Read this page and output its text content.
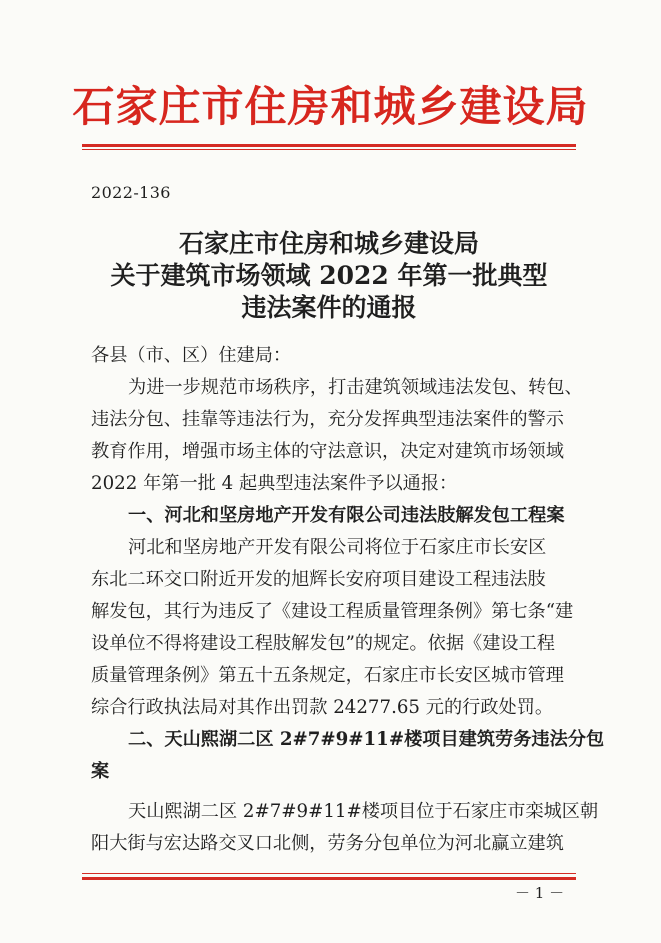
石家庄市住房和城乡建设局
2022-136
石家庄市住房和城乡建设局
关于建筑市场领域 2022 年第一批典型
违法案件的通报
各县（市、区）住建局：
为进一步规范市场秩序，打击建筑领域违法发包、转包、
违法分包、挂靠等违法行为，充分发挥典型违法案件的警示
教育作用，增强市场主体的守法意识，决定对建筑市场领域
2022 年第一批 4 起典型违法案件予以通报：
一、河北和坚房地产开发有限公司违法肢解发包工程案
河北和坚房地产开发有限公司将位于石家庄市长安区
东北二环交口附近开发的旭辉长安府项目建设工程违法肢
解发包，其行为违反了《建设工程质量管理条例》第七条“建
设单位不得将建设工程肢解发包”的规定。依据《建设工程
质量管理条例》第五十五条规定，石家庄市长安区城市管理
综合行政执法局对其作出罚款 24277.65 元的行政处罚。
二、天山熙湖二区 2#7#9#11#楼项目建筑劳务违法分包
案
天山熙湖二区 2#7#9#11#楼项目位于石家庄市栾城区朝
阳大街与宏达路交叉口北侧，劳务分包单位为河北赢立建筑
－ 1 －
